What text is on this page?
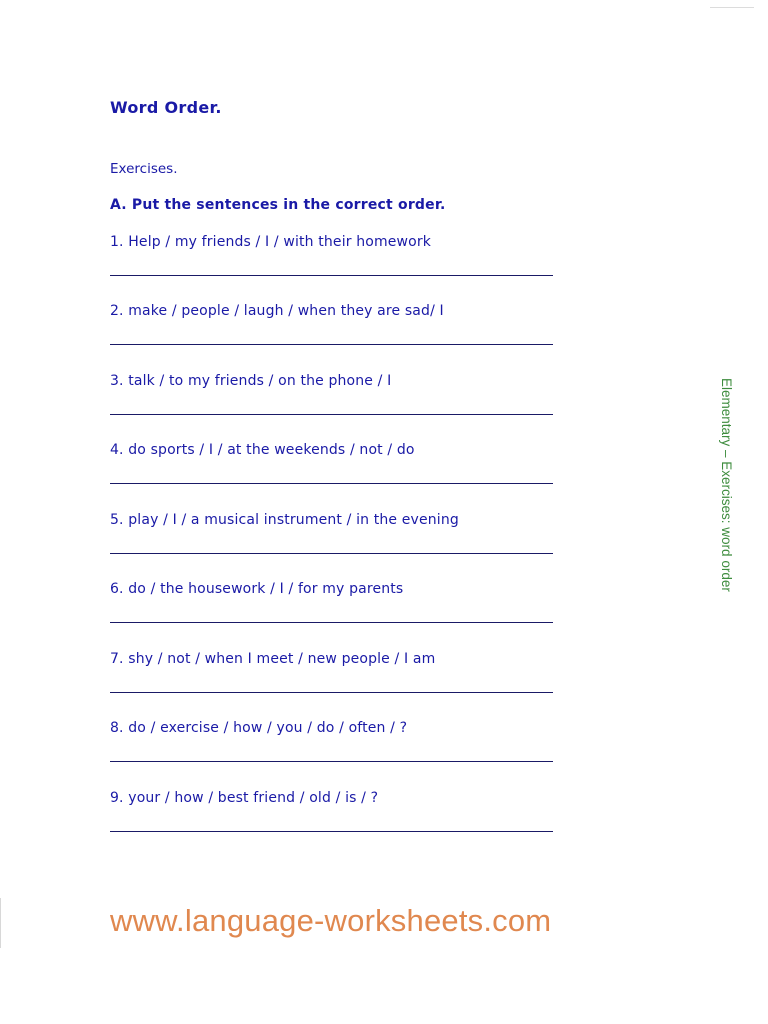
Word Order.
Exercises.
A. Put the sentences in the correct order.
1. Help / my friends / I / with their homework
2. make / people / laugh / when they are sad/ I
3. talk / to my friends / on the phone / I
4. do sports / I / at the weekends / not / do
5. play / I / a musical instrument / in the evening
6. do / the housework / I / for my parents
7. shy / not / when I meet / new people / I am
8. do / exercise / how / you / do / often / ?
9. your / how / best friend / old / is / ?
Elementary – Exercises: word order
www.language-worksheets.com
